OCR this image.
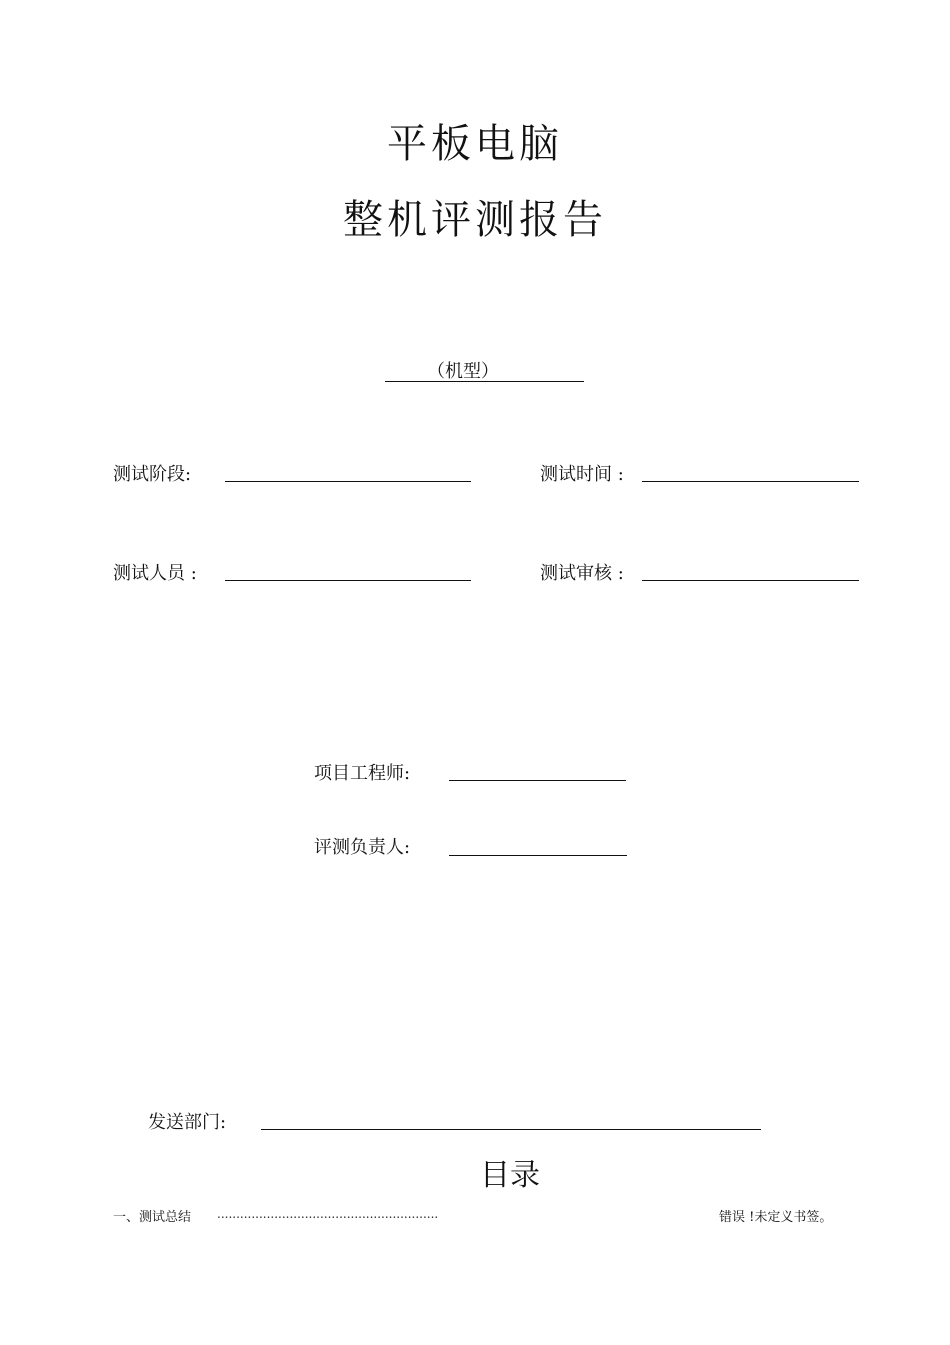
平板电脑
整机评测报告
（机型）
测试阶段:	测试时间 :
测试人员 :	测试审核 :
项目工程师:
评测负责人:
发送部门:
目录
一、测试总结 ..........................................................	错误 !未定义书签。
